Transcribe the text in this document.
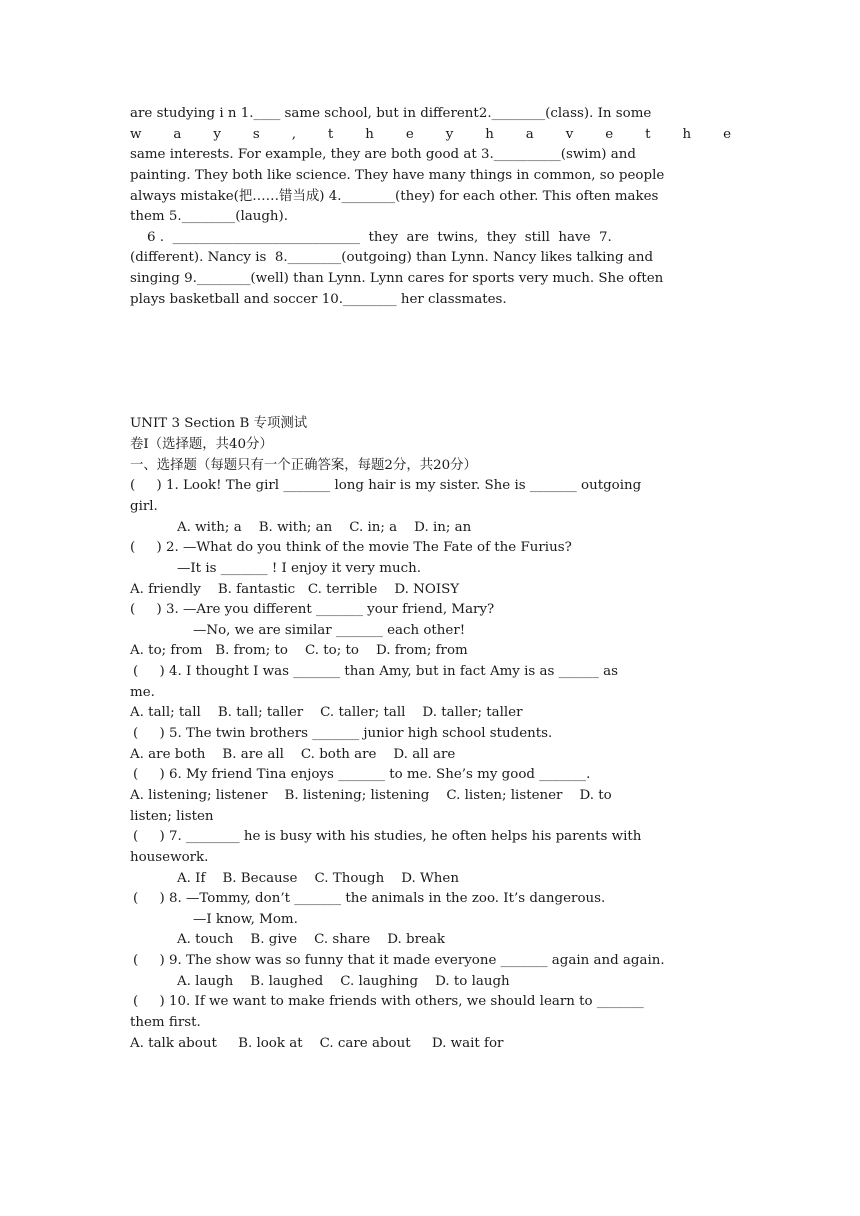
are studying i n 1.____ same school, but in different2.________(class). In some
w a y s , t h e y h a v e t h e
same interests. For example, they are both good at 3.__________(swim) and
painting. They both like science. They have many things in common, so people
always mistake(把……错当成) 4.________(they) for each other. This often makes
them 5.________(laugh).
6 .  ____________________________  they  are  twins,  they  still  have  7.
(different). Nancy is  8.________(outgoing) than Lynn. Nancy likes talking and
singing 9.________(well) than Lynn. Lynn cares for sports very much. She often
plays basketball and soccer 10.________ her classmates.
UNIT 3 Section B 专项测试
卷Ⅰ（选择题，共40分）
一、选择题（每题只有一个正确答案，每题2分，共20分）
(     ) 1. Look! The girl _______ long hair is my sister. She is _______ outgoing
girl.
A. with; a    B. with; an    C. in; a    D. in; an
(     ) 2. —What do you think of the movie The Fate of the Furius?
—It is _______ ! I enjoy it very much.
A. friendly    B. fantastic   C. terrible    D. NOISY
(     ) 3. —Are you different _______ your friend, Mary?
—No, we are similar _______ each other!
A. to; from   B. from; to    C. to; to    D. from; from
(     ) 4. I thought I was _______ than Amy, but in fact Amy is as ______ as
me.
A. tall; tall    B. tall; taller    C. taller; tall    D. taller; taller
(     ) 5. The twin brothers _______ junior high school students.
A. are both    B. are all    C. both are    D. all are
(     ) 6. My friend Tina enjoys _______ to me. She’s my good _______.
A. listening; listener    B. listening; listening    C. listen; listener    D. to
listen; listen
(     ) 7. ________ he is busy with his studies, he often helps his parents with
housework.
A. If    B. Because    C. Though    D. When
(     ) 8. —Tommy, don’t _______ the animals in the zoo. It’s dangerous.
—I know, Mom.
A. touch    B. give    C. share    D. break
(     ) 9. The show was so funny that it made everyone _______ again and again.
A. laugh    B. laughed    C. laughing    D. to laugh
(     ) 10. If we want to make friends with others, we should learn to _______
them first.
A. talk about     B. look at    C. care about     D. wait for
